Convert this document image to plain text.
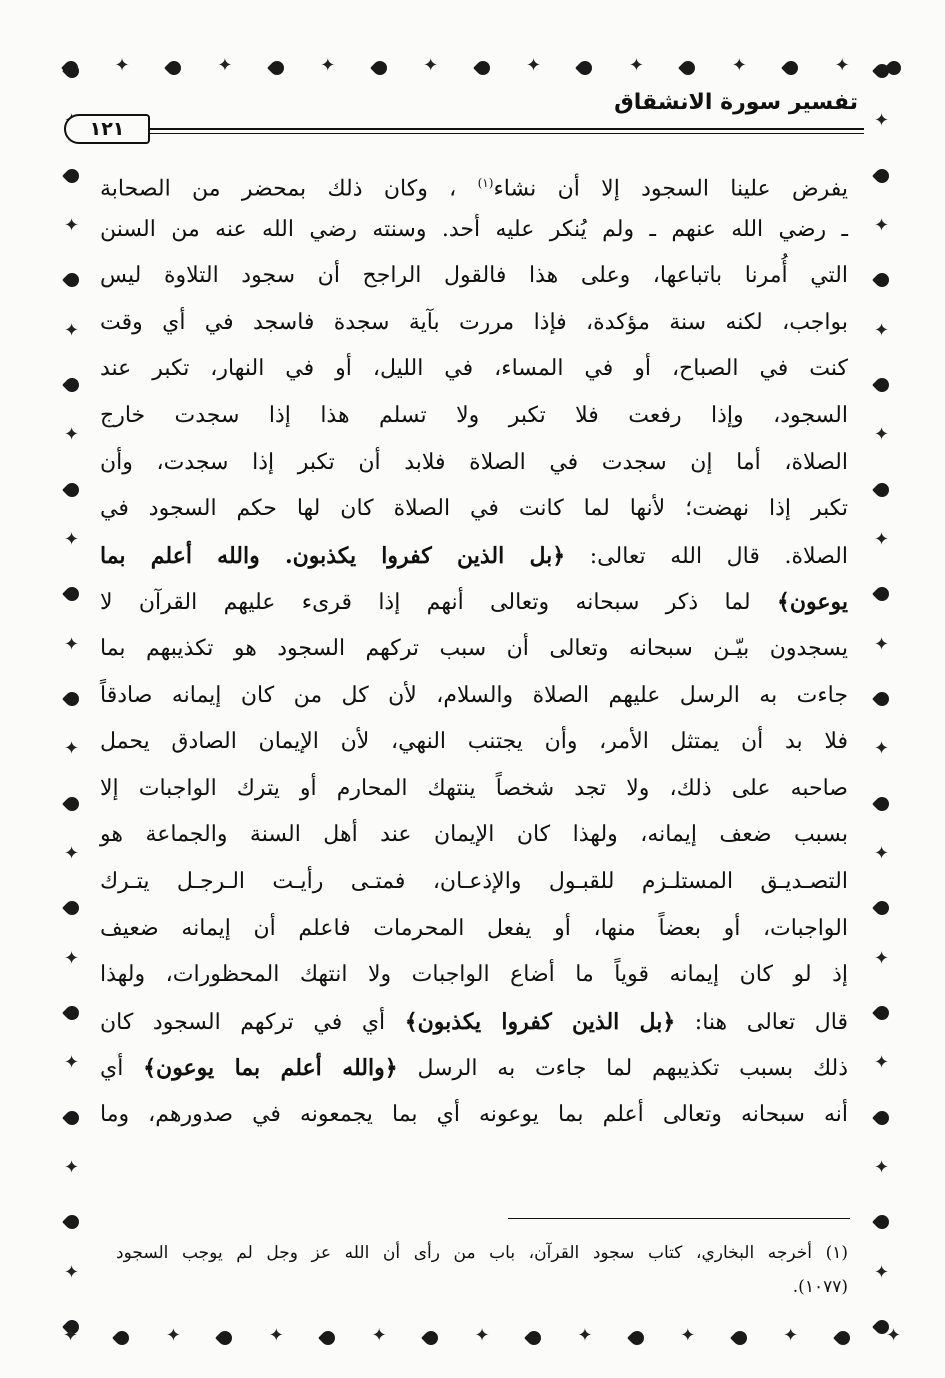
✦
✦
✦
✦
✦
✦
✦
✦
✦
✦
✦
✦
✦
✦
✦
✦
✦
✦
✦
✦
✦
✦
✦
✦
✦
✦
✦
✦
✦
✦
✦
✦
✦
✦
✦
✦
✦
✦
✦
✦
✦
تفسير سورة الانشقاق
١٢١
يفرض علينا السجود إلا أن نشاء$^{(١)}$ ، وكان ذلك بمحضر من الصحابة
ـ رضي الله عنهم ـ ولم يُنكر عليه أحد. وسنته رضي الله عنه من السنن
التي أُمرنا باتباعها، وعلى هذا فالقول الراجح أن سجود التلاوة ليس
بواجب، لكنه سنة مؤكدة، فإذا مررت بآية سجدة فاسجد في أي وقت
كنت في الصباح، أو في المساء، في الليل، أو في النهار، تكبر عند
السجود، وإذا رفعت فلا تكبر ولا تسلم هذا إذا سجدت خارج
الصلاة، أما إن سجدت في الصلاة فلابد أن تكبر إذا سجدت، وأن
تكبر إذا نهضت؛ لأنها لما كانت في الصلاة كان لها حكم السجود في
الصلاة. قال الله تعالى: ﴿بل الذين كفروا يكذبون. والله أعلم بما
يوعون﴾ لما ذكر سبحانه وتعالى أنهم إذا قرىء عليهم القرآن لا
يسجدون بيّـن سبحانه وتعالى أن سبب تركهم السجود هو تكذيبهم بما
جاءت به الرسل عليهم الصلاة والسلام، لأن كل من كان إيمانه صادقاً
فلا بد أن يمتثل الأمر، وأن يجتنب النهي، لأن الإيمان الصادق يحمل
صاحبه على ذلك، ولا تجد شخصاً ينتهك المحارم أو يترك الواجبات إلا
بسبب ضعف إيمانه، ولهذا كان الإيمان عند أهل السنة والجماعة هو
التصـديـق المستلـزم للقبـول والإذعـان، فمتـى رأيـت الـرجـل يتـرك
الواجبات، أو بعضاً منها، أو يفعل المحرمات فاعلم أن إيمانه ضعيف
إذ لو كان إيمانه قوياً ما أضاع الواجبات ولا انتهك المحظورات، ولهذا
قال تعالى هنا: ﴿بل الذين كفروا يكذبون﴾ أي في تركهم السجود كان
ذلك بسبب تكذيبهم لما جاءت به الرسل ﴿والله أعلم بما يوعون﴾ أي
أنه سبحانه وتعالى أعلم بما يوعونه أي بما يجمعونه في صدورهم، وما
(١) أخرجه البخاري، كتاب سجود القرآن، باب من رأى أن الله عز وجل لم يوجب السجود
(١٠٧٧).
